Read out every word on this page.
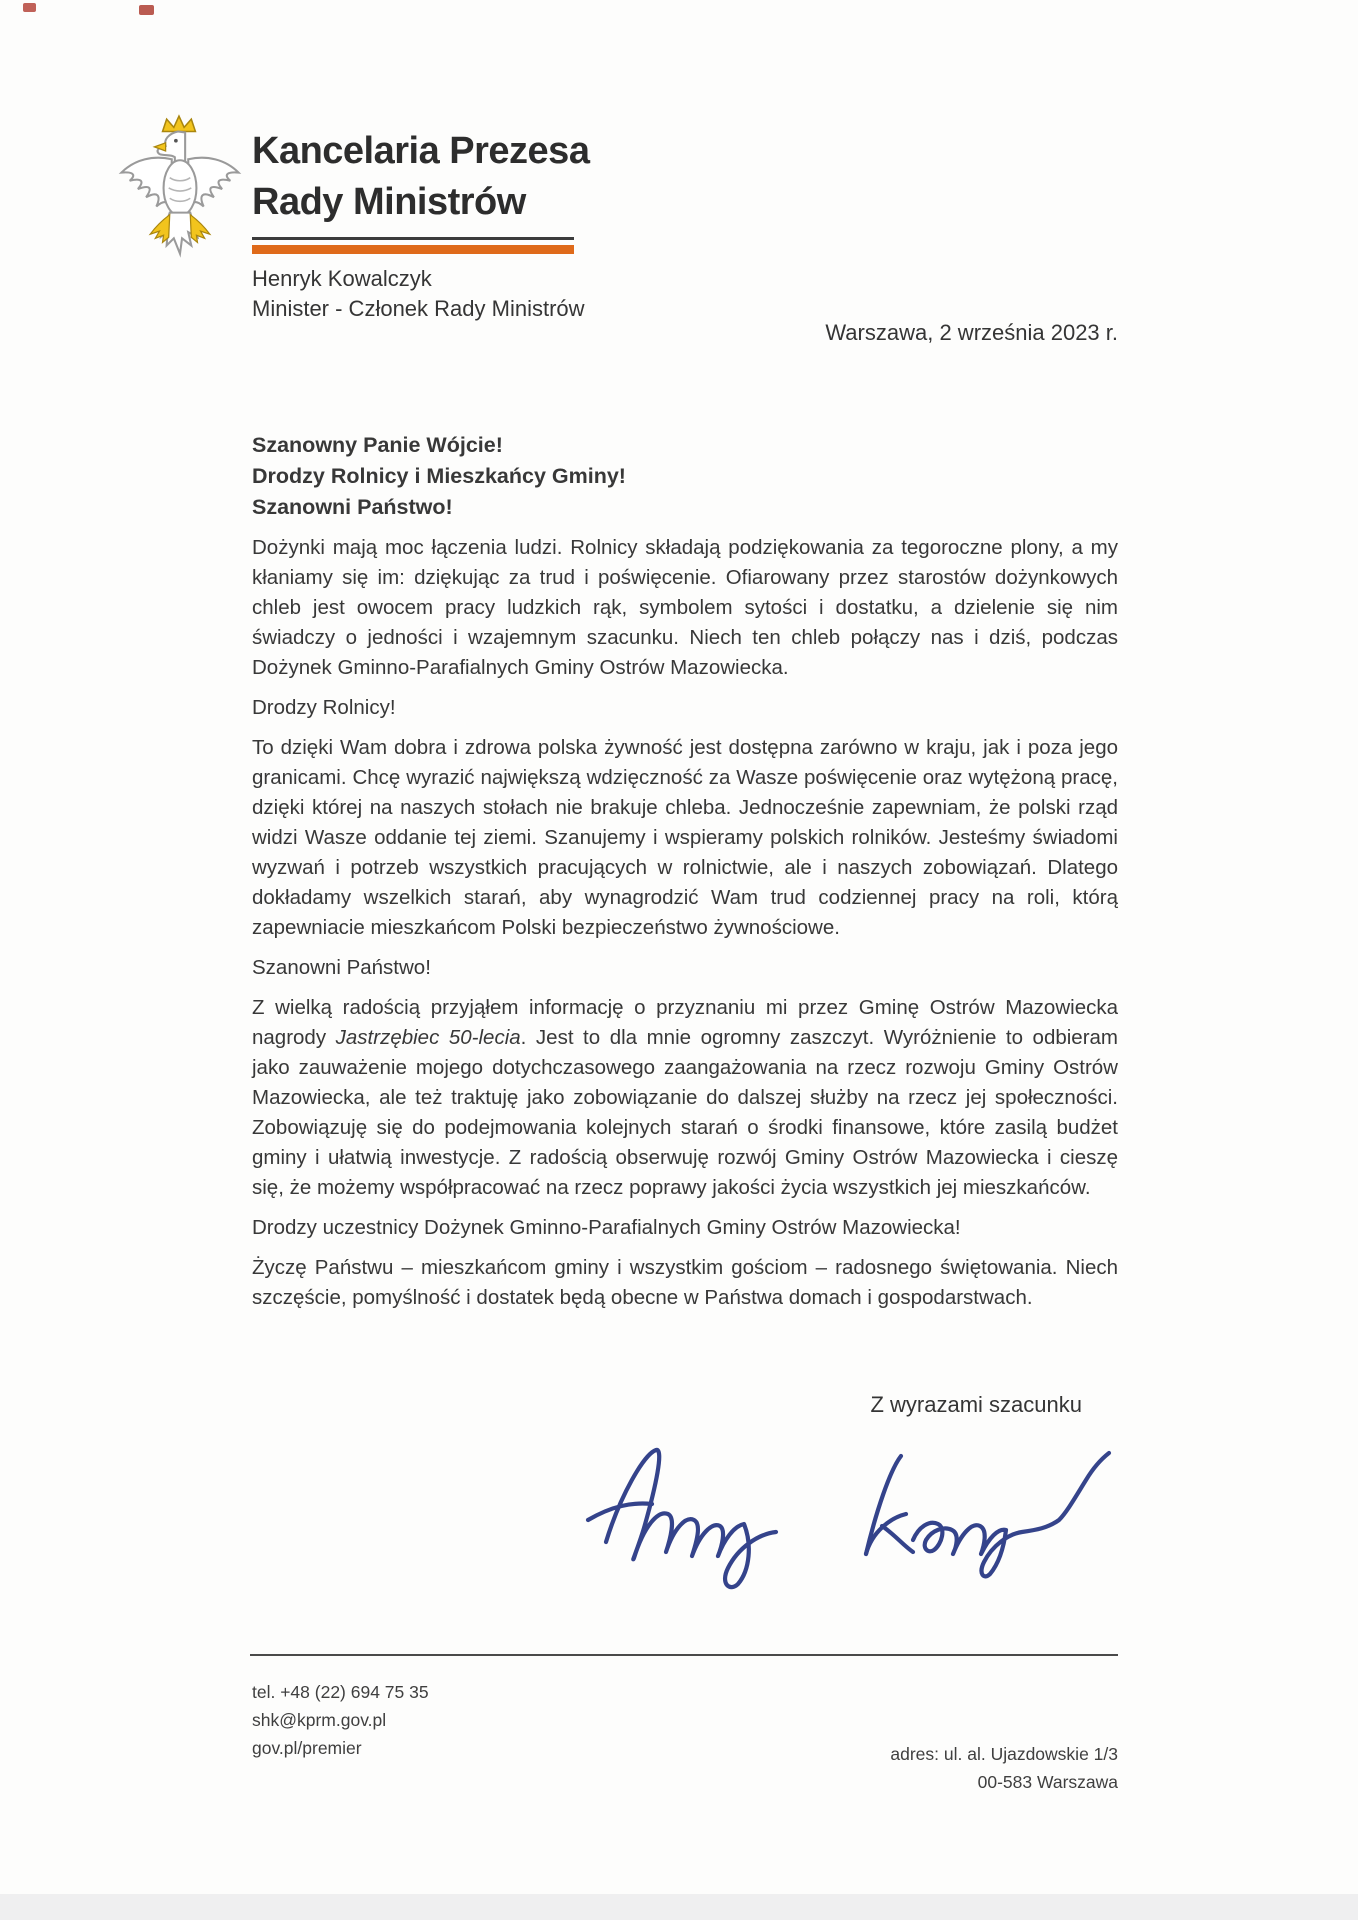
Kancelaria Prezesa
Rady Ministrów
Henryk Kowalczyk
Minister - Członek Rady Ministrów
Warszawa, 2 września 2023 r.
Szanowny Panie Wójcie!
Drodzy Rolnicy i Mieszkańcy Gminy!
Szanowni Państwo!

Dożynki mają moc łączenia ludzi. Rolnicy składają podziękowania za tegoroczne plony, a my kłaniamy się im: dziękując za trud i poświęcenie. Ofiarowany przez starostów dożynkowych chleb jest owocem pracy ludzkich rąk, symbolem sytości i dostatku, a dzielenie się nim świadczy o jedności i wzajemnym szacunku. Niech ten chleb połączy nas i dziś, podczas Dożynek Gminno-Parafialnych Gminy Ostrów Mazowiecka.

Drodzy Rolnicy!

To dzięki Wam dobra i zdrowa polska żywność jest dostępna zarówno w kraju, jak i poza jego granicami. Chcę wyrazić największą wdzięczność za Wasze poświęcenie oraz wytężoną pracę, dzięki której na naszych stołach nie brakuje chleba. Jednocześnie zapewniam, że polski rząd widzi Wasze oddanie tej ziemi. Szanujemy i wspieramy polskich rolników. Jesteśmy świadomi wyzwań i potrzeb wszystkich pracujących w rolnictwie, ale i naszych zobowiązań. Dlatego dokładamy wszelkich starań, aby wynagrodzić Wam trud codziennej pracy na roli, którą zapewniacie mieszkańcom Polski bezpieczeństwo żywnościowe.

Szanowni Państwo!

Z wielką radością przyjąłem informację o przyznaniu mi przez Gminę Ostrów Mazowiecka nagrody Jastrzębiec 50-lecia. Jest to dla mnie ogromny zaszczyt. Wyróżnienie to odbieram jako zauważenie mojego dotychczasowego zaangażowania na rzecz rozwoju Gminy Ostrów Mazowiecka, ale też traktuję jako zobowiązanie do dalszej służby na rzecz jej społeczności. Zobowiązuję się do podejmowania kolejnych starań o środki finansowe, które zasilą budżet gminy i ułatwią inwestycje. Z radością obserwuję rozwój Gminy Ostrów Mazowiecka i cieszę się, że możemy współpracować na rzecz poprawy jakości życia wszystkich jej mieszkańców.

Drodzy uczestnicy Dożynek Gminno-Parafialnych Gminy Ostrów Mazowiecka!

Życzę Państwu – mieszkańcom gminy i wszystkim gościom – radosnego świętowania. Niech szczęście, pomyślność i dostatek będą obecne w Państwa domach i gospodarstwach.

Z wyrazami szacunku
tel. +48 (22) 694 75 35
shk@kprm.gov.pl
gov.pl/premier	adres: ul. al. Ujazdowskie 1/3
00-583 Warszawa
